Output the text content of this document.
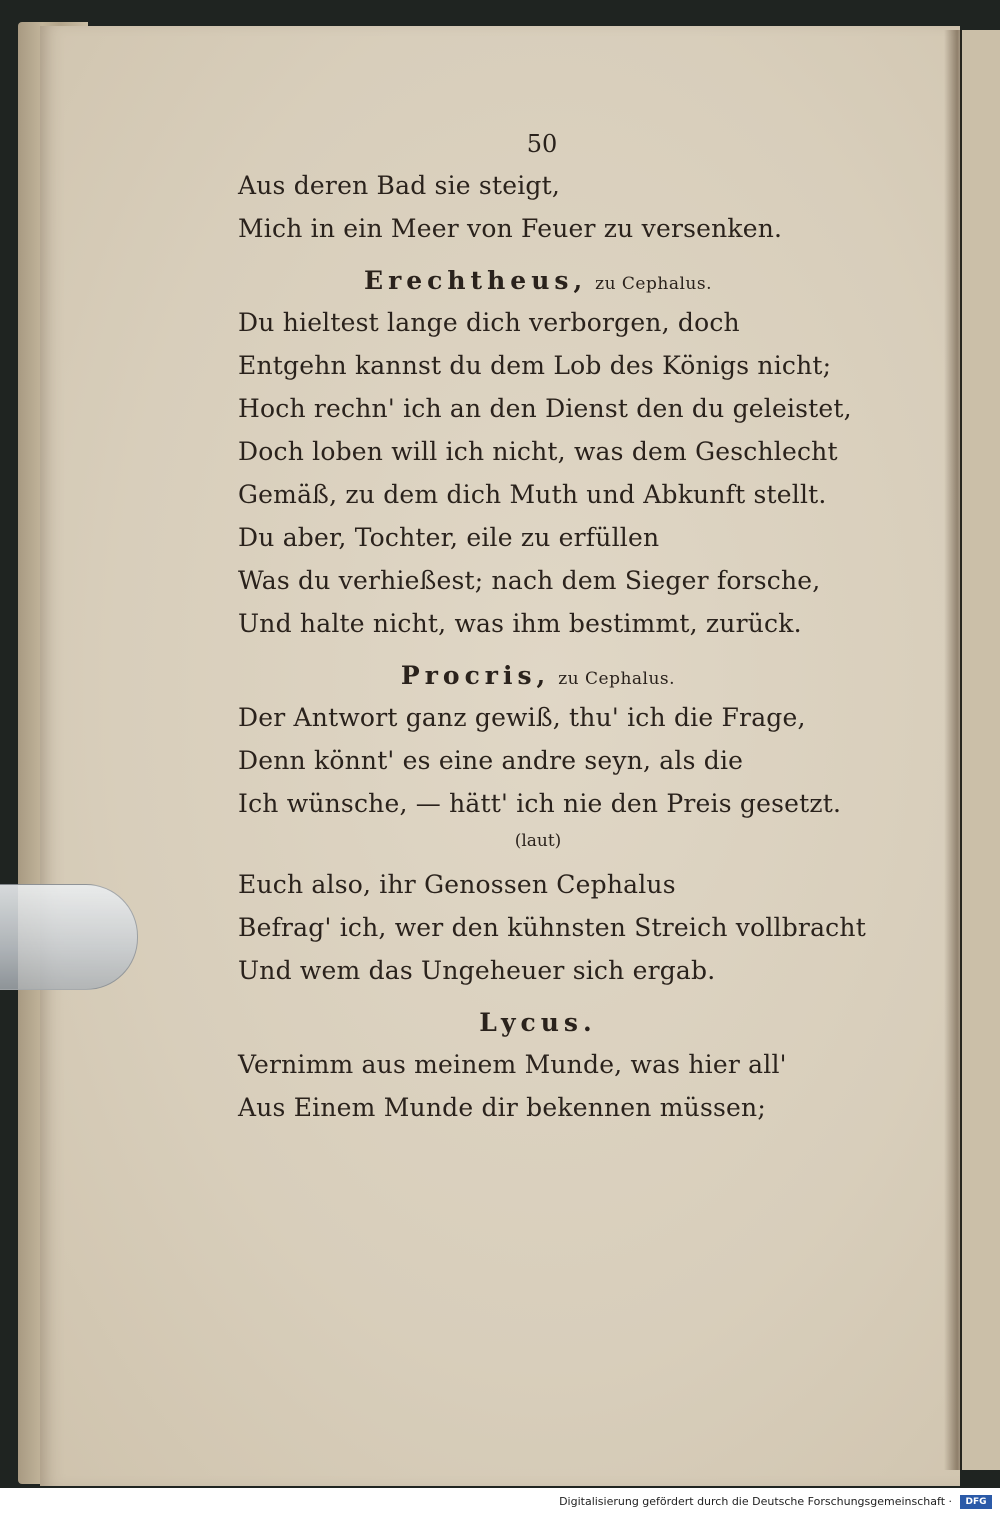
50
Aus deren Bad sie steigt,
Mich in ein Meer von Feuer zu versenken.
Erechtheus, zu Cephalus.
Du hieltest lange dich verborgen, doch
Entgehn kannst du dem Lob des Königs nicht;
Hoch rechn' ich an den Dienst den du geleistet,
Doch loben will ich nicht, was dem Geschlecht
Gemäß, zu dem dich Muth und Abkunft stellt.
Du aber, Tochter, eile zu erfüllen
Was du verhießest; nach dem Sieger forsche,
Und halte nicht, was ihm bestimmt, zurück.
Procris, zu Cephalus.
Der Antwort ganz gewiß, thu' ich die Frage,
Denn könnt' es eine andre seyn, als die
Ich wünsche, — hätt' ich nie den Preis gesetzt.
(laut)
Euch also, ihr Genossen Cephalus
Befrag' ich, wer den kühnsten Streich vollbracht
Und wem das Ungeheuer sich ergab.
Lycus.
Vernimm aus meinem Munde, was hier all'
Aus Einem Munde dir bekennen müssen;
Digitalisierung gefördert durch die Deutsche Forschungsgemeinschaft ·	DFG
